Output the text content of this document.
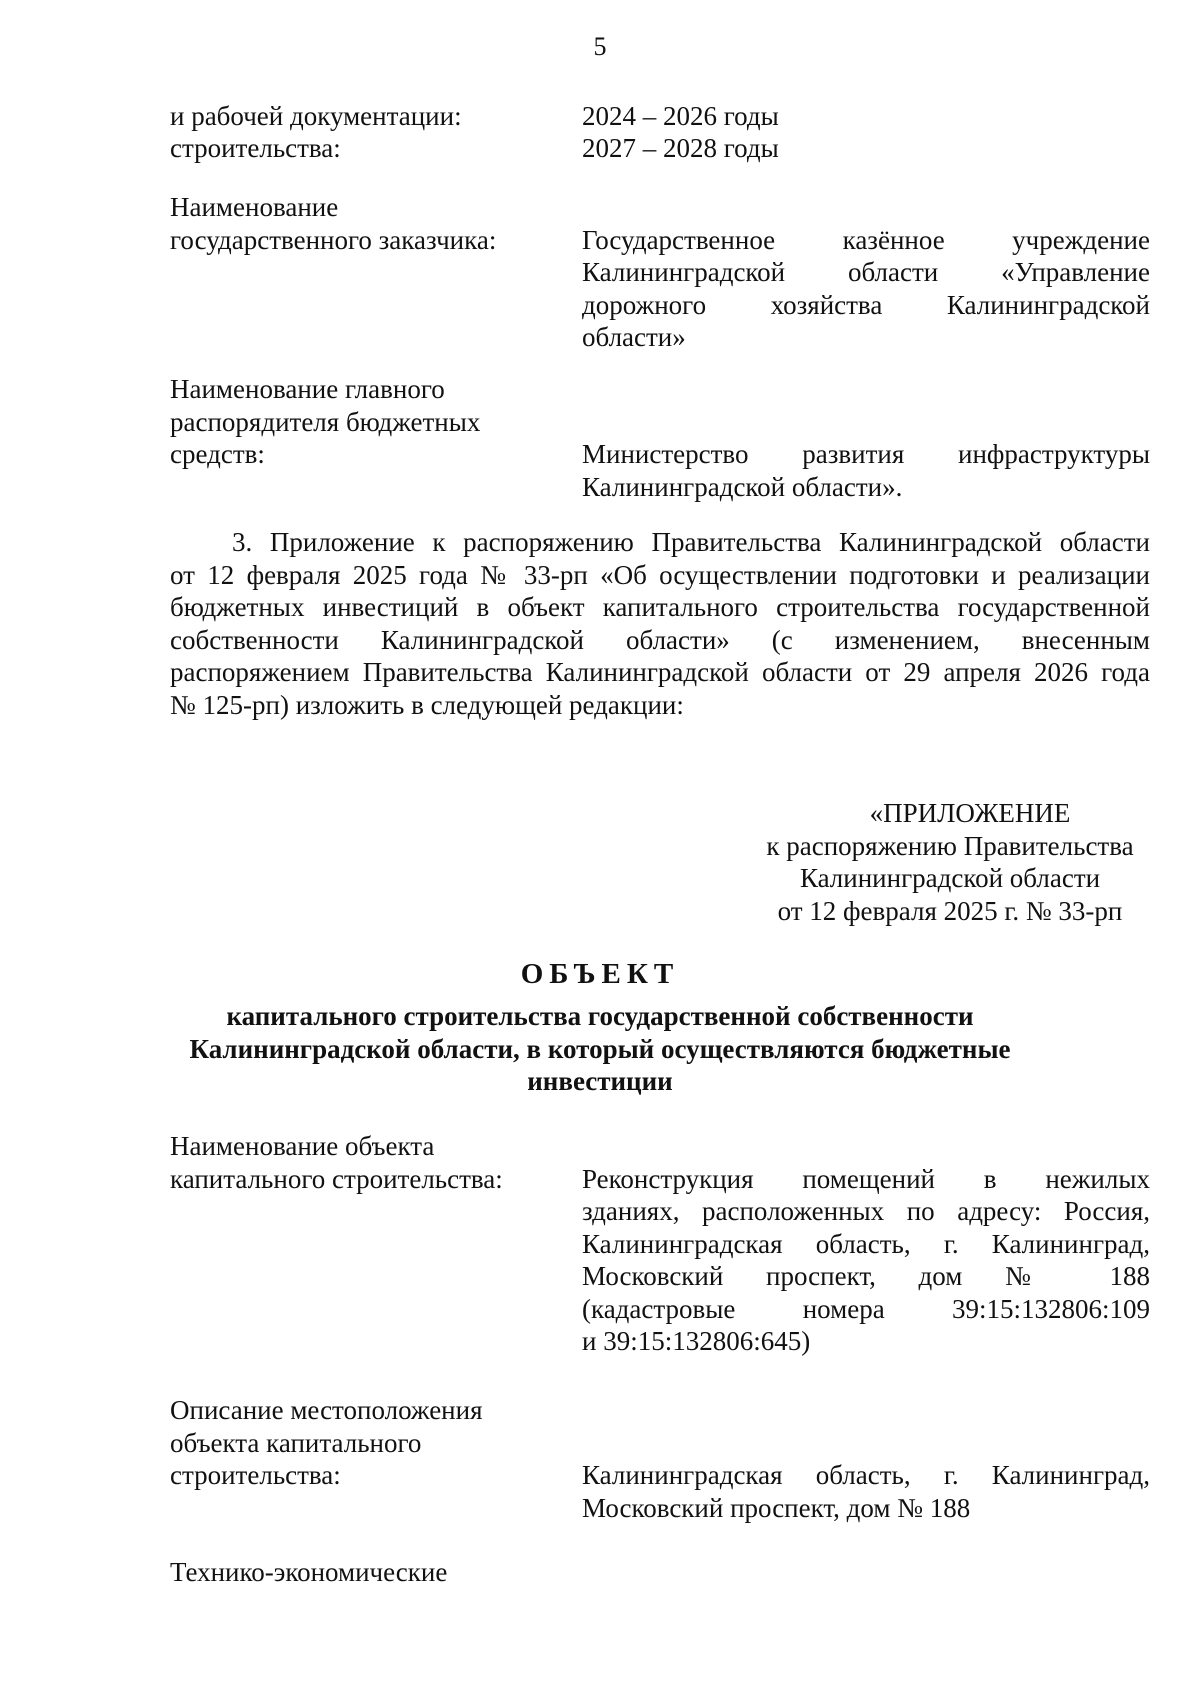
5
и рабочей документации:	2024 – 2026 годы
строительства:	2027 – 2028 годы
Наименование
государственного заказчика:	Государственное казённое учреждение
Калининградской области «Управление
дорожного хозяйства Калининградской
области»
Наименование главного
распорядителя бюджетных
средств:	Министерство развития инфраструктуры
Калининградской области».
3. Приложение к распоряжению Правительства Калининградской области
от 12 февраля 2025 года № 33-рп «Об осуществлении подготовки и реализации
бюджетных инвестиций в объект капитального строительства государственной
собственности Калининградской области» (с изменением, внесенным
распоряжением Правительства Калининградской области от 29 апреля 2026 года
№ 125-рп) изложить в следующей редакции:
«ПРИЛОЖЕНИЕ
к распоряжению Правительства
Калининградской области
от 12 февраля 2025 г. № 33-рп
ОБЪЕКТ
капитального строительства государственной собственности
Калининградской области, в который осуществляются бюджетные
инвестиции
Наименование объекта
капитального строительства:	Реконструкция помещений в нежилых
зданиях, расположенных по адресу: Россия,
Калининградская область, г. Калининград,
Московский проспект, дом № 188
(кадастровые номера 39:15:132806:109
и 39:15:132806:645)
Описание местоположения
объекта капитального
строительства:	Калининградская область, г. Калининград,
Московский проспект, дом № 188
Технико-экономические
